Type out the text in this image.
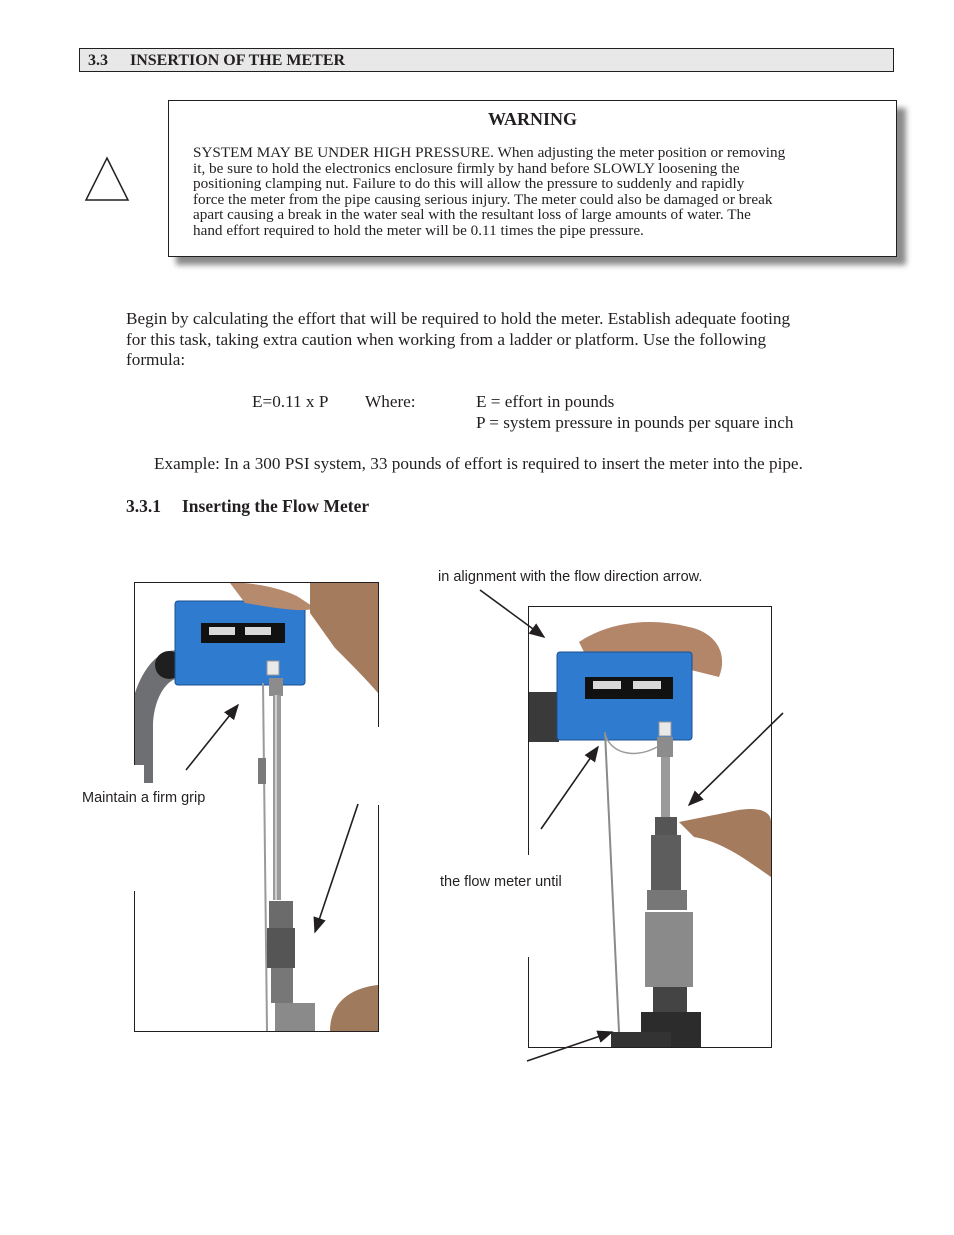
3.3 INSERTION OF THE METER
WARNING
SYSTEM MAY BE UNDER HIGH PRESSURE. When adjusting the meter position or removing
it, be sure to hold the electronics enclosure firmly by hand before SLOWLY loosening the
positioning clamping nut. Failure to do this will allow the pressure to suddenly and rapidly
force the meter from the pipe causing serious injury. The meter could also be damaged or break
apart causing a break in the water seal with the resultant loss of large amounts of water. The
hand effort required to hold the meter will be 0.11 times the pipe pressure.
Begin by calculating the effort that will be required to hold the meter. Establish adequate footing
for this task, taking extra caution when working from a ladder or platform. Use the following
formula:
E=0.11 x P Where:	E = effort in pounds
P = system pressure in pounds per square inch
Example: In a 300 PSI system, 33 pounds of effort is required to insert the meter into the pipe.
3.3.1 Inserting the Flow Meter
in alignment with the flow direction arrow.
Maintain a firm grip
the flow meter until
